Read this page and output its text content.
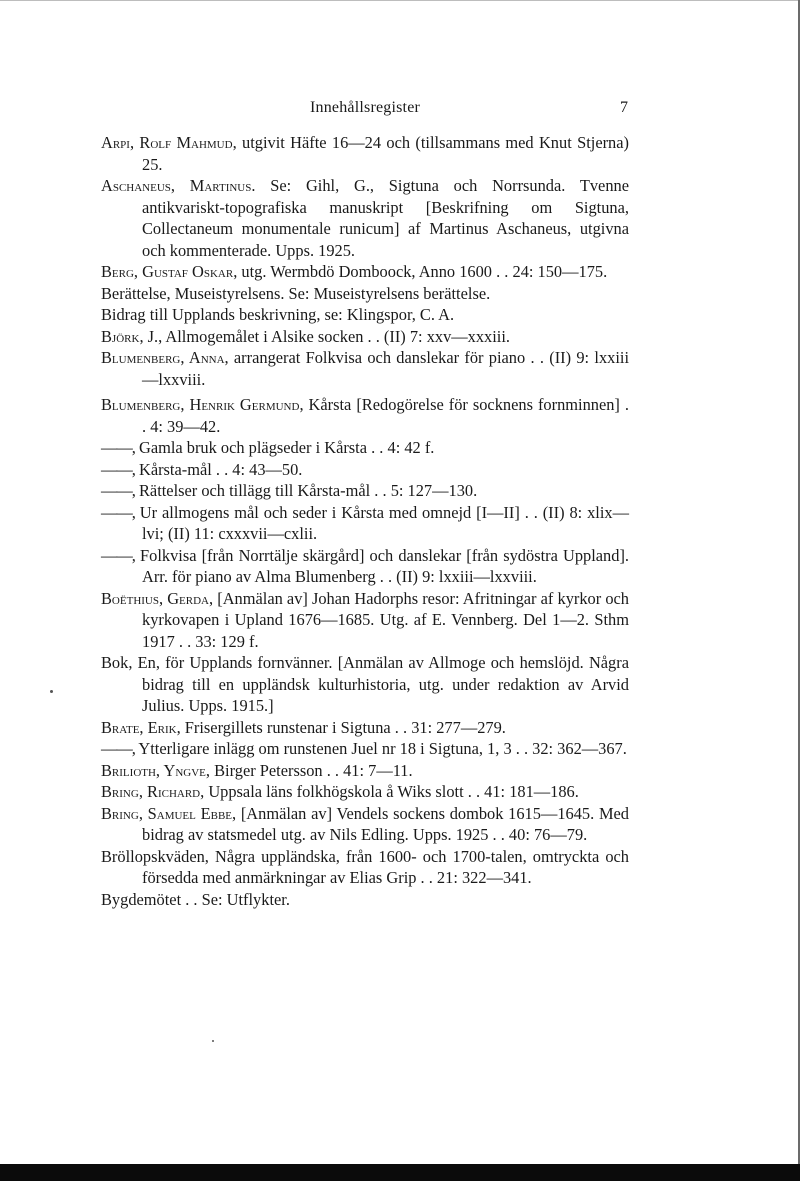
Innehållsregister	7

Arpi, Rolf Mahmud, utgivit Häfte 16—24 och (tillsammans med Knut Stjerna) 25.

Aschaneus, Martinus. Se: Gihl, G., Sigtuna och Norrsunda. Tvenne antikvariskt-topografiska manuskript [Beskrifning om Sigtuna, Collectaneum monumentale runicum] af Martinus Aschaneus, utgivna och kommenterade. Upps. 1925.

Berg, Gustaf Oskar, utg. Wermbdö Domboock, Anno 1600 . . 24: 150—175.

Berättelse, Museistyrelsens. Se: Museistyrelsens berättelse.

Bidrag till Upplands beskrivning, se: Klingspor, C. A.

Björk, J., Allmogemålet i Alsike socken . . (II) 7: xxv—xxxiii.

Blumenberg, Anna, arrangerat Folkvisa och danslekar för piano . . (II) 9: lxxiii—lxxviii.

Blumenberg, Henrik Germund, Kårsta [Redogörelse för socknens fornminnen] . . 4: 39—42.

——, Gamla bruk och plägseder i Kårsta . . 4: 42 f.

——, Kårsta-mål . . 4: 43—50.

——, Rättelser och tillägg till Kårsta-mål . . 5: 127—130.

——, Ur allmogens mål och seder i Kårsta med omnejd [I—II] . . (II) 8: xlix—lvi; (II) 11: cxxxvii—cxlii.

——, Folkvisa [från Norrtälje skärgård] och danslekar [från sydöstra Uppland]. Arr. för piano av Alma Blumenberg . . (II) 9: lxxiii—lxxviii.

Boëthius, Gerda, [Anmälan av] Johan Hadorphs resor: Afritningar af kyrkor och kyrkovapen i Upland 1676—1685. Utg. af E. Vennberg. Del 1—2. Sthm 1917 . . 33: 129 f.

Bok, En, för Upplands fornvänner. [Anmälan av Allmoge och hemslöjd. Några bidrag till en uppländsk kulturhistoria, utg. under redaktion av Arvid Julius. Upps. 1915.]

Brate, Erik, Frisergillets runstenar i Sigtuna . . 31: 277—279.

——, Ytterligare inlägg om runstenen Juel nr 18 i Sigtuna, 1, 3 . . 32: 362—367.

Brilioth, Yngve, Birger Petersson . . 41: 7—11.

Bring, Richard, Uppsala läns folkhögskola å Wiks slott . . 41: 181—186.

Bring, Samuel Ebbe, [Anmälan av] Vendels sockens dombok 1615—1645. Med bidrag av statsmedel utg. av Nils Edling. Upps. 1925 . . 40: 76—79.

Bröllopskväden, Några uppländska, från 1600- och 1700-talen, omtryckta och försedda med anmärkningar av Elias Grip . . 21: 322—341.

Bygdemötet . . Se: Utflykter.
